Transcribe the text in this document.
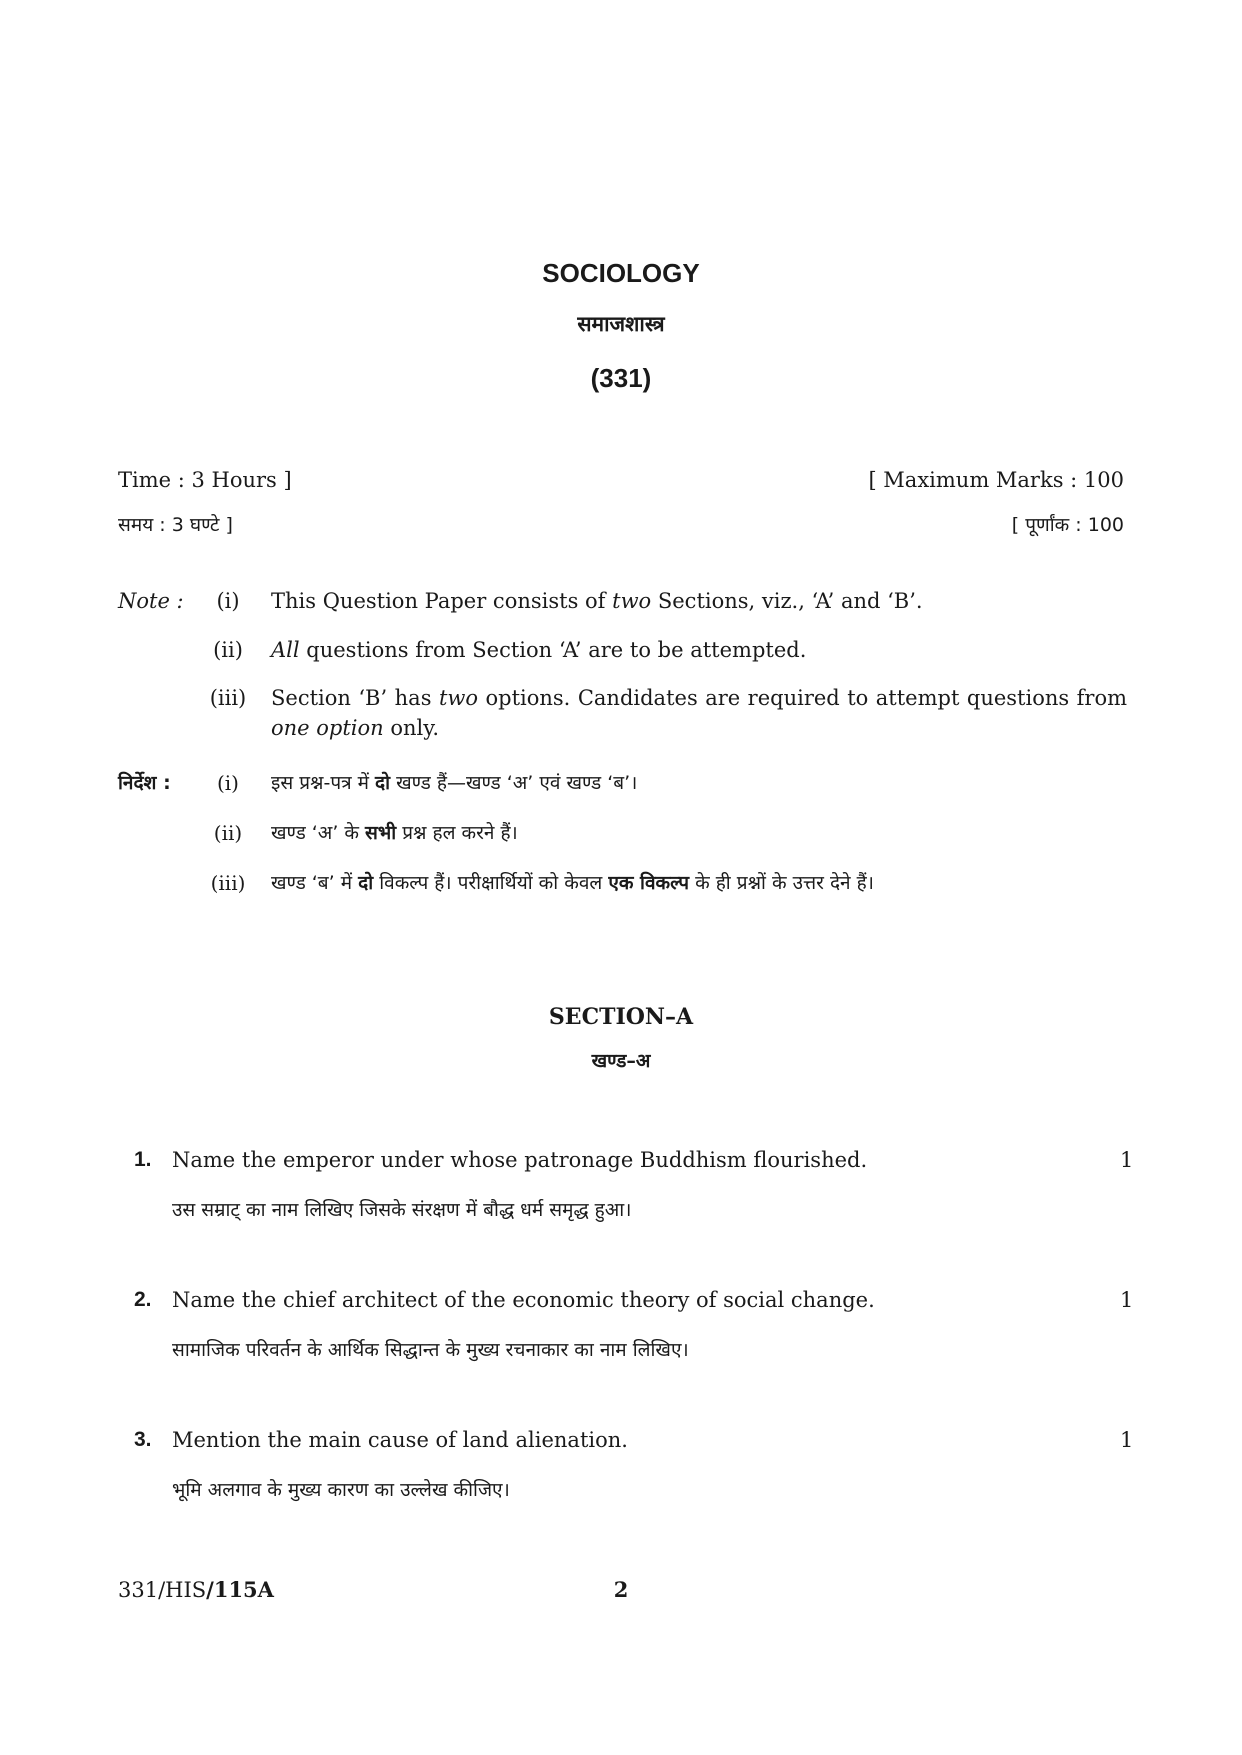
SOCIOLOGY
समाजशास्त्र
(331)
Time : 3 Hours ]	[ Maximum Marks : 100
समय : 3 घण्टे ]	[ पूर्णांक : 100
Note :	(i)	This Question Paper consists of two Sections, viz., ‘A’ and ‘B’.
(ii)	All questions from Section ‘A’ are to be attempted.
(iii)	Section ‘B’ has two options. Candidates are required to attempt questions from one option only.
निर्देश :	(i)	इस प्रश्न-पत्र में दो खण्ड हैं—खण्ड ‘अ’ एवं खण्ड ‘ब’।
(ii)	खण्ड ‘अ’ के सभी प्रश्न हल करने हैं।
(iii)	खण्ड ‘ब’ में दो विकल्प हैं। परीक्षार्थियों को केवल एक विकल्प के ही प्रश्नों के उत्तर देने हैं।
SECTION–A
खण्ड–अ
1. Name the emperor under whose patronage Buddhism flourished.	1
उस सम्राट् का नाम लिखिए जिसके संरक्षण में बौद्ध धर्म समृद्ध हुआ।
2. Name the chief architect of the economic theory of social change.	1
सामाजिक परिवर्तन के आर्थिक सिद्धान्त के मुख्य रचनाकार का नाम लिखिए।
3. Mention the main cause of land alienation.	1
भूमि अलगाव के मुख्य कारण का उल्लेख कीजिए।
331/HIS/115A	2
